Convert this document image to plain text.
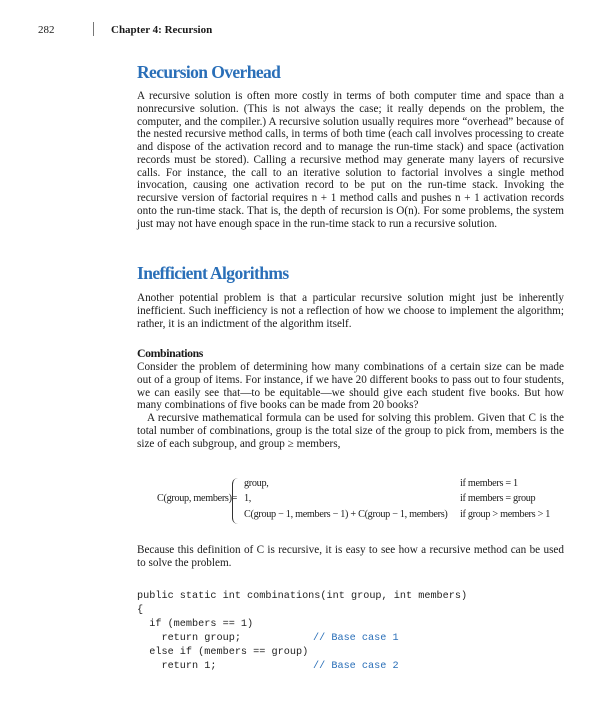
282	Chapter 4: Recursion
Recursion Overhead
A recursive solution is often more costly in terms of both computer time and space than a nonrecursive solution. (This is not always the case; it really depends on the problem, the computer, and the compiler.) A recursive solution usually requires more “overhead” because of the nested recursive method calls, in terms of both time (each call involves processing to create and dispose of the activation record and to manage the run-time stack) and space (activation records must be stored). Calling a recursive method may generate many layers of recursive calls. For instance, the call to an iterative solution to factorial involves a single method invocation, causing one activation record to be put on the run-time stack. Invoking the recursive version of factorial requires n + 1 method calls and pushes n + 1 activation records onto the run-time stack. That is, the depth of recursion is O(n). For some problems, the system just may not have enough space in the run-time stack to run a recursive solution.
Inefficient Algorithms
Another potential problem is that a particular recursive solution might just be inherently inefficient. Such inefficiency is not a reflection of how we choose to implement the algorithm; rather, it is an indictment of the algorithm itself.
Combinations
Consider the problem of determining how many combinations of a certain size can be made out of a group of items. For instance, if we have 20 different books to pass out to four students, we can easily see that—to be equitable—we should give each student five books. But how many combinations of five books can be made from 20 books?
A recursive mathematical formula can be used for solving this problem. Given that C is the total number of combinations, group is the total size of the group to pick from, members is the size of each subgroup, and group ≥ members,
group,	if members = 1
C(group, members)= 1,	if members = group
C(group − 1, members − 1) + C(group − 1, members) if group > members > 1
Because this definition of C is recursive, it is easy to see how a recursive method can be used to solve the problem.

public static int combinations(int group, int members)

{

if (members == 1)

return group;

	// Base case 1

else if (members == group)

return 1;

	// Base case 2
